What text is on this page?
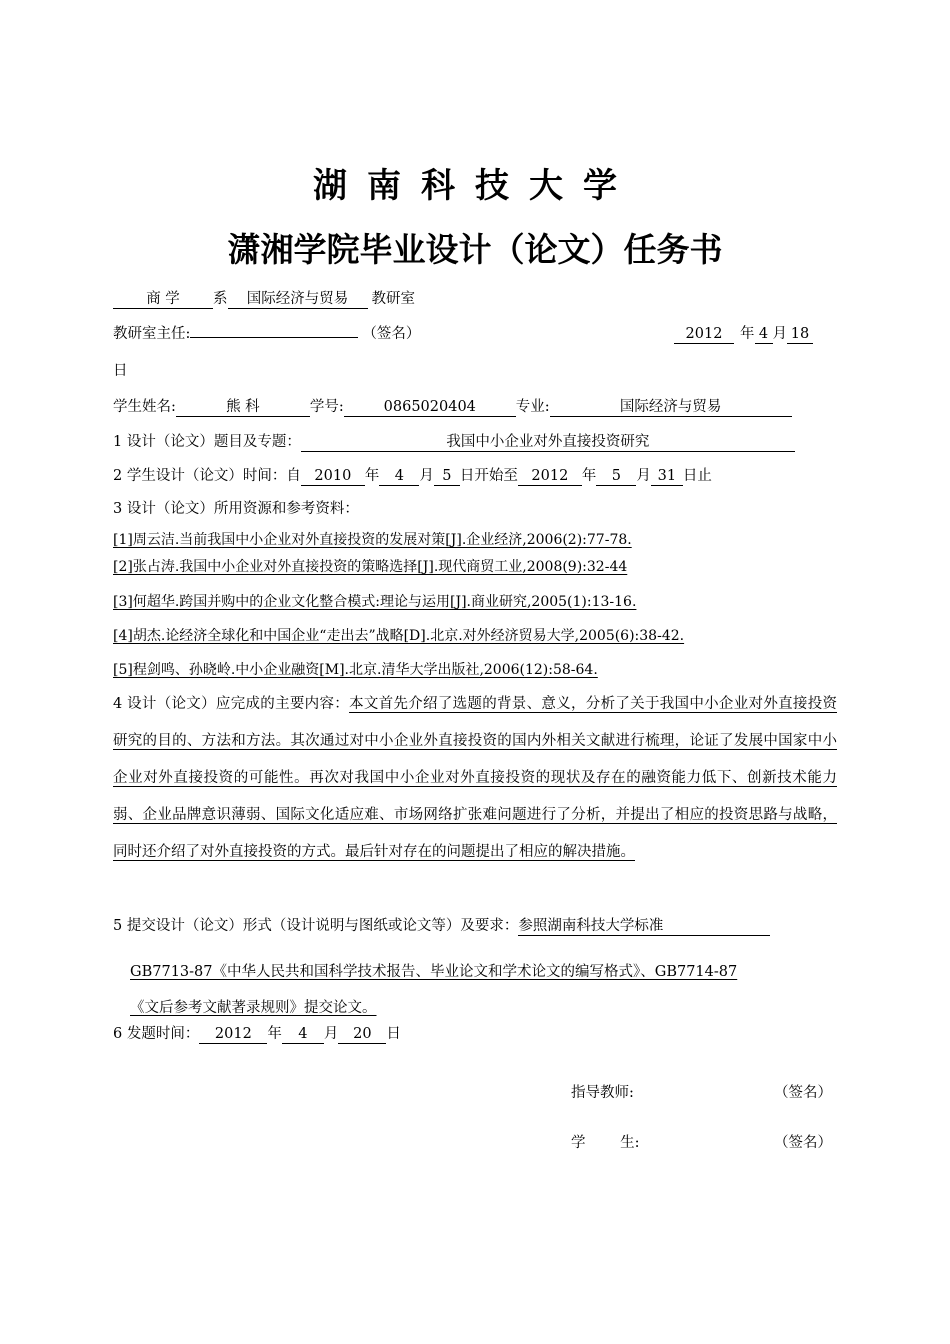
湖南科技大学
潇湘学院毕业设计（论文）任务书
商 学 系 国际经济与贸易 教研室
教研室主任:	（签名）	2012 年 4 月 18
日
学生姓名:	熊 科	学号:	0865020404	专业:	国际经济与贸易
1 设计（论文）题目及专题：	我国中小企业对外直接投资研究
2 学生设计（论文）时间：自 2010 年 4 月 5 日开始至 2012 年 5 月 31 日止
3 设计（论文）所用资源和参考资料：
[1]周云洁.当前我国中小企业对外直接投资的发展对策[J].企业经济,2006(2):77-78.
[2]张占涛.我国中小企业对外直接投资的策略选择[J].现代商贸工业,2008(9):32-44
[3]何超华.跨国并购中的企业文化整合模式:理论与运用[J].商业研究,2005(1):13-16.
[4]胡杰.论经济全球化和中国企业“走出去”战略[D].北京.对外经济贸易大学,2005(6):38-42.
[5]程剑鸣、孙晓岭.中小企业融资[M].北京.清华大学出版社,2006(12):58-64.
4 设计（论文）应完成的主要内容：本文首先介绍了选题的背景、意义，分析了关于我国中小企业对外直接投资研究的目的、方法和方法。其次通过对中小企业外直接投资的国内外相关文献进行梳理，论证了发展中国家中小企业对外直接投资的可能性。再次对我国中小企业对外直接投资的现状及存在的融资能力低下、创新技术能力弱、企业品牌意识薄弱、国际文化适应难、市场网络扩张难问题进行了分析，并提出了相应的投资思路与战略，同时还介绍了对外直接投资的方式。最后针对存在的问题提出了相应的解决措施。
5 提交设计（论文）形式（设计说明与图纸或论文等）及要求：参照湖南科技大学标准
GB7713-87《中华人民共和国科学技术报告、毕业论文和学术论文的编写格式》、GB7714-87
《文后参考文献著录规则》提交论文。
6 发题时间： 2012 年 4 月 20 日
指导教师:	（签名）
学 生:	（签名）
